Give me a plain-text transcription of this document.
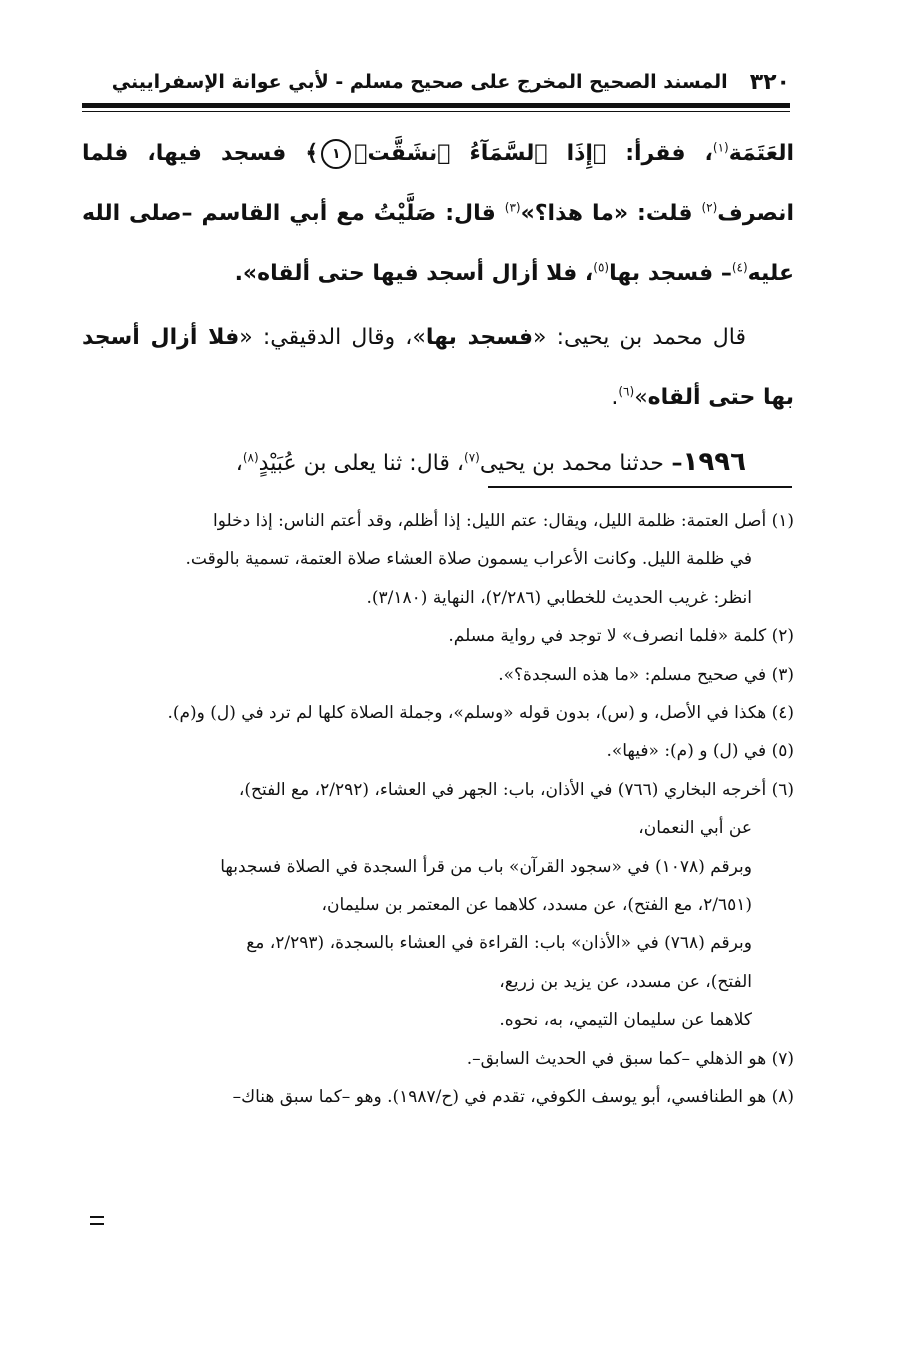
٣٢٠
المسند الصحيح المخرج على صحيح مسلم - لأبي عوانة الإسفراييني

العَتَمَة$^{(١)}$، فقرأ: ﴿إِذَا ٱلسَّمَآءُ ٱنشَقَّتۡ١﴾ فسجد فيها، فلما انصرف$^{(٢)}$ قلت: «ما هذا؟»$^{(٣)}$ قال: صَلَّيْتُ مع أبي القاسم –صلى الله عليه$^{(٤)}$– فسجد بها$^{(٥)}$، فلا أزال أسجد فيها حتى ألقاه».

قال محمد بن يحيى: «فسجد بها»، وقال الدقيقي: «فلا أزال أسجد بها حتى ألقاه»$^{(٦)}$.

١٩٩٦– حدثنا محمد بن يحيى$^{(٧)}$، قال: ثنا يعلى بن عُبَيْدٍ$^{(٨)}$،

(١) أصل العتمة: ظلمة الليل، ويقال: عتم الليل: إذا أظلم، وقد أعتم الناس: إذا دخلوا

في ظلمة الليل. وكانت الأعراب يسمون صلاة العشاء صلاة العتمة، تسمية بالوقت.

انظر: غريب الحديث للخطابي (٢/٢٨٦)، النهاية (٣/١٨٠).

(٢) كلمة «فلما انصرف» لا توجد في رواية مسلم.

(٣) في صحيح مسلم: «ما هذه السجدة؟».

(٤) هكذا في الأصل، و (س)، بدون قوله «وسلم»، وجملة الصلاة كلها لم ترد في (ل) و(م).

(٥) في (ل) و (م): «فيها».

(٦) أخرجه البخاري (٧٦٦) في الأذان، باب: الجهر في العشاء، (٢/٢٩٢، مع الفتح)،

عن أبي النعمان،

وبرقم (١٠٧٨) في «سجود القرآن» باب من قرأ السجدة في الصلاة فسجدبها

(٢/٦٥١، مع الفتح)، عن مسدد، كلاهما عن المعتمر بن سليمان،

وبرقم (٧٦٨) في «الأذان» باب: القراءة في العشاء بالسجدة، (٢/٢٩٣، مع

الفتح)، عن مسدد، عن يزيد بن زريع،

كلاهما عن سليمان التيمي، به، نحوه.

(٧) هو الذهلي –كما سبق في الحديث السابق–.

(٨) هو الطنافسي، أبو يوسف الكوفي، تقدم في (ح/١٩٨٧). وهو –كما سبق هناك–
